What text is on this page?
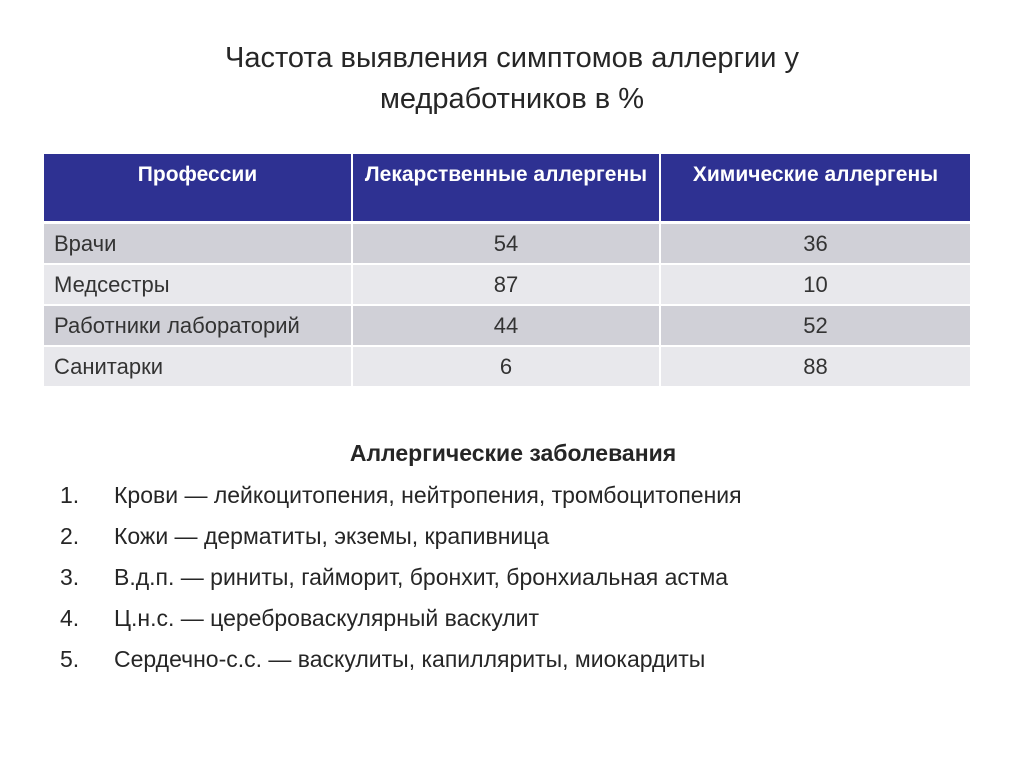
Частота выявления симптомов аллергии у
медработников в %
Профессии	Лекарственные аллергены	Химические аллергены
Врачи	54	36
Медсестры	87	10
Работники лабораторий	44	52
Санитарки	6	88
Аллергические заболевания
1. Крови — лейкоцитопения, нейтропения, тромбоцитопения
2. Кожи — дерматиты, экземы, крапивница
3. В.д.п. — риниты, гайморит, бронхит, бронхиальная астма
4. Ц.н.с. — цереброваскулярный васкулит
5. Сердечно-с.с. — васкулиты, капилляриты, миокардиты
